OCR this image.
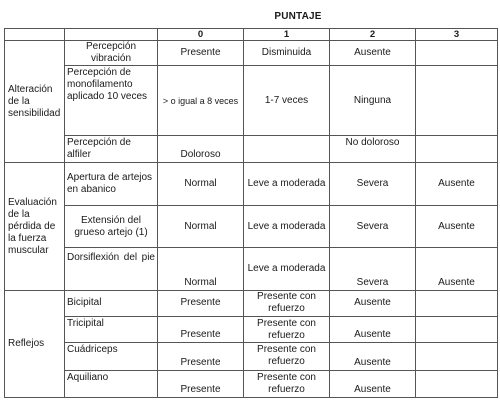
PUNTAJE
		0	1	2	3
Alteración de la sensibilidad	Percepción vibración	Presente	Disminuida	Ausente	
	Percepción de monofilamento aplicado 10 veces	> o igual a 8 veces	1-7 veces	Ninguna	
	Percepción de alfiler	Doloroso		No doloroso	
Evaluación de la pérdida de la fuerza muscular	Apertura de artejos en abanico	Normal	Leve a moderada	Severa	Ausente
	Extensión del grueso artejo (1)	Normal	Leve a moderada	Severa	Ausente
	Dorsiflexión del pie	Normal	Leve a moderada	Severa	Ausente
Reflejos	Bicipital	Presente	Presente con refuerzo	Ausente	
	Tricipital	Presente	Presente con refuerzo	Ausente	
	Cuádriceps	Presente	Presente con refuerzo	Ausente	
	Aquiliano	Presente	Presente con refuerzo	Ausente	
